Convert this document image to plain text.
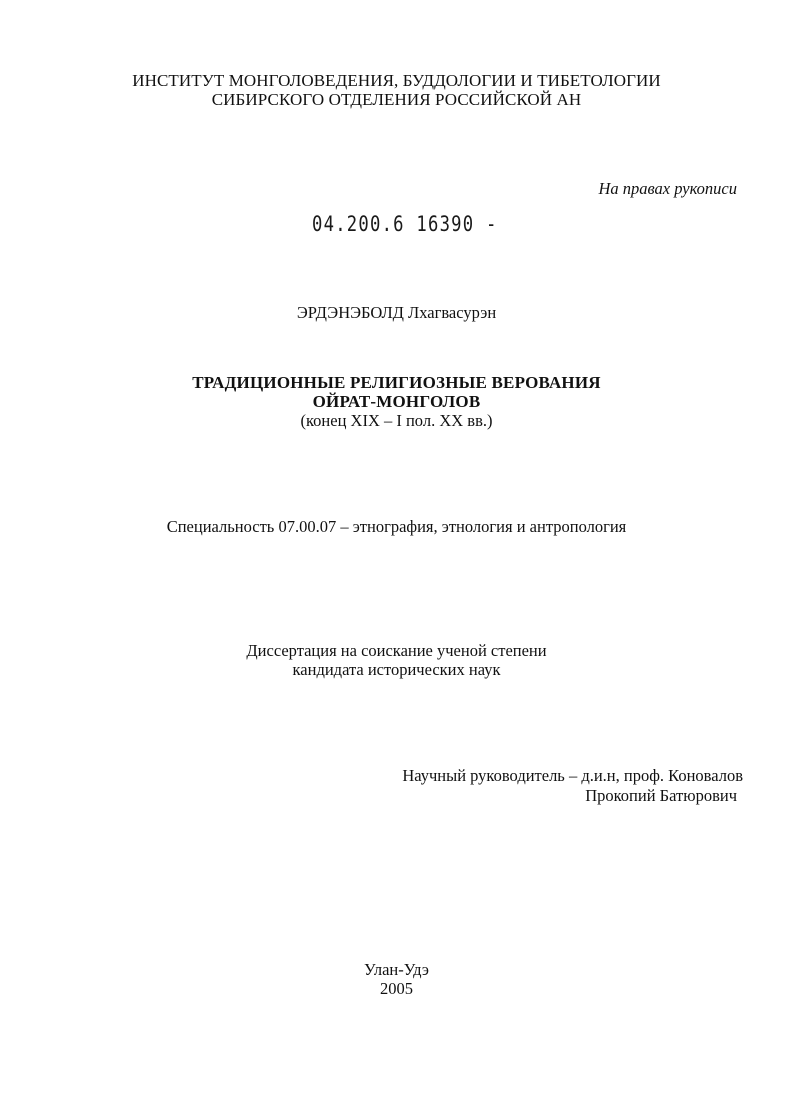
ИНСТИТУТ МОНГОЛОВЕДЕНИЯ, БУДДОЛОГИИ И ТИБЕТОЛОГИИ
СИБИРСКОГО ОТДЕЛЕНИЯ РОССИЙСКОЙ АН
На правах рукописи
04.200.6 16390 -
ЭРДЭНЭБОЛД Лхагвасурэн
ТРАДИЦИОННЫЕ РЕЛИГИОЗНЫЕ ВЕРОВАНИЯ
ОЙРАТ-МОНГОЛОВ
(конец XIX – I пол. XX вв.)
Специальность 07.00.07 – этнография, этнология и антропология
Диссертация на соискание ученой степени
кандидата исторических наук
Научный руководитель – д.и.н, проф. Коновалов
Прокопий Батюрович
Улан-Удэ
2005
